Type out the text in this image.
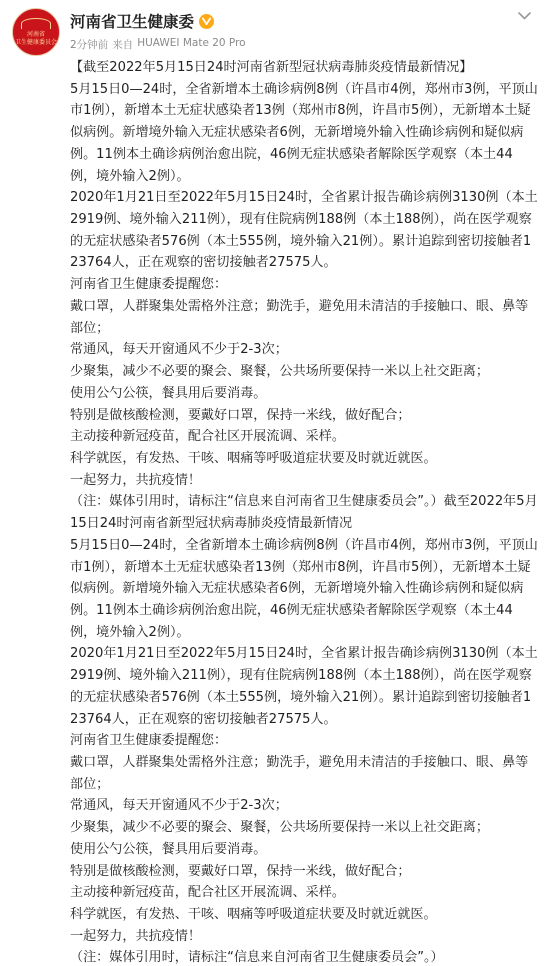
河南省
卫生健康委员会
河南省卫生健康委
2分钟前 来自 HUAWEI Mate 20 Pro

【截至2022年5月15日24时河南省新型冠状病毒肺炎疫情最新情况】

5月15日0—24时，全省新增本土确诊病例8例（许昌市4例，郑州市3例，平顶山市1例），新增本土无症状感染者13例（郑州市8例，许昌市5例），无新增本土疑似病例。新增境外输入无症状感染者6例，无新增境外输入性确诊病例和疑似病例。11例本土确诊病例治愈出院，46例无症状感染者解除医学观察（本土44例，境外输入2例）。

2020年1月21日至2022年5月15日24时，全省累计报告确诊病例3130例（本土2919例、境外输入211例），现有住院病例188例（本土188例），尚在医学观察的无症状感染者576例（本土555例，境外输入21例）。累计追踪到密切接触者123764人，正在观察的密切接触者27575人。

河南省卫生健康委提醒您：

戴口罩，人群聚集处需格外注意；勤洗手，避免用未清洁的手接触口、眼、鼻等部位；

常通风，每天开窗通风不少于2-3次；

少聚集，减少不必要的聚会、聚餐，公共场所要保持一米以上社交距离；

使用公勺公筷，餐具用后要消毒。

特别是做核酸检测，要戴好口罩，保持一米线，做好配合；

主动接种新冠疫苗，配合社区开展流调、采样。

科学就医，有发热、干咳、咽痛等呼吸道症状要及时就近就医。

一起努力，共抗疫情！

（注：媒体引用时，请标注“信息来自河南省卫生健康委员会”。）截至2022年5月15日24时河南省新型冠状病毒肺炎疫情最新情况

5月15日0—24时，全省新增本土确诊病例8例（许昌市4例，郑州市3例，平顶山市1例），新增本土无症状感染者13例（郑州市8例，许昌市5例），无新增本土疑似病例。新增境外输入无症状感染者6例，无新增境外输入性确诊病例和疑似病例。11例本土确诊病例治愈出院，46例无症状感染者解除医学观察（本土44例，境外输入2例）。

2020年1月21日至2022年5月15日24时，全省累计报告确诊病例3130例（本土2919例、境外输入211例），现有住院病例188例（本土188例），尚在医学观察的无症状感染者576例（本土555例，境外输入21例）。累计追踪到密切接触者123764人，正在观察的密切接触者27575人。

河南省卫生健康委提醒您：

戴口罩，人群聚集处需格外注意；勤洗手，避免用未清洁的手接触口、眼、鼻等部位；

常通风，每天开窗通风不少于2-3次；

少聚集，减少不必要的聚会、聚餐，公共场所要保持一米以上社交距离；

使用公勺公筷，餐具用后要消毒。

特别是做核酸检测，要戴好口罩，保持一米线，做好配合；

主动接种新冠疫苗，配合社区开展流调、采样。

科学就医，有发热、干咳、咽痛等呼吸道症状要及时就近就医。

一起努力，共抗疫情！

（注：媒体引用时，请标注“信息来自河南省卫生健康委员会”。）
